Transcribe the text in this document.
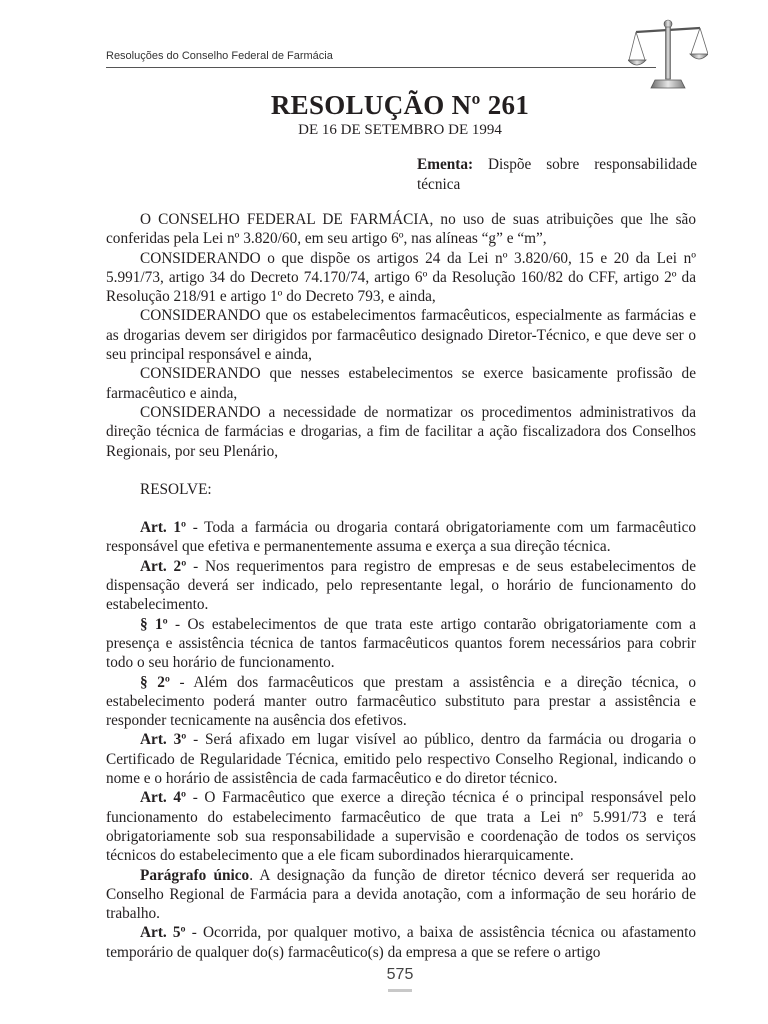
Resoluções do Conselho Federal de Farmácia
RESOLUÇÃO Nº 261
DE 16 DE SETEMBRO DE 1994
Ementa: Dispõe sobre responsabilidade técnica

O CONSELHO FEDERAL DE FARMÁCIA, no uso de suas atribuições que lhe são conferidas pela Lei nº 3.820/60, em seu artigo 6º, nas alíneas “g” e “m”,

CONSIDERANDO o que dispõe os artigos 24 da Lei nº 3.820/60, 15 e 20 da Lei nº 5.991/73, artigo 34 do Decreto 74.170/74, artigo 6º da Resolução 160/82 do CFF, artigo 2º da Resolução 218/91 e artigo 1º do Decreto 793, e ainda,

CONSIDERANDO que os estabelecimentos farmacêuticos, especialmente as farmácias e as drogarias devem ser dirigidos por farmacêutico designado Diretor-Técnico, e que deve ser o seu principal responsável e ainda,

CONSIDERANDO que nesses estabelecimentos se exerce basicamente profissão de farmacêutico e ainda,

CONSIDERANDO a necessidade de normatizar os procedimentos administrativos da direção técnica de farmácias e drogarias, a fim de facilitar a ação fiscalizadora dos Conselhos Regionais, por seu Plenário,

RESOLVE:

Art. 1º - Toda a farmácia ou drogaria contará obrigatoriamente com um farmacêutico responsável que efetiva e permanentemente assuma e exerça a sua direção técnica.

Art. 2º - Nos requerimentos para registro de empresas e de seus estabelecimentos de dispensação deverá ser indicado, pelo representante legal, o horário de funcionamento do estabelecimento.

§ 1º - Os estabelecimentos de que trata este artigo contarão obrigatoriamente com a presença e assistência técnica de tantos farmacêuticos quantos forem necessários para cobrir todo o seu horário de funcionamento.

§ 2º - Além dos farmacêuticos que prestam a assistência e a direção técnica, o estabelecimento poderá manter outro farmacêutico substituto para prestar a assistência e responder tecnicamente na ausência dos efetivos.

Art. 3º - Será afixado em lugar visível ao público, dentro da farmácia ou drogaria o Certificado de Regularidade Técnica, emitido pelo respectivo Conselho Regional, indicando o nome e o horário de assistência de cada farmacêutico e do diretor técnico.

Art. 4º - O Farmacêutico que exerce a direção técnica é o principal responsável pelo funcionamento do estabelecimento farmacêutico de que trata a Lei nº 5.991/73 e terá obrigatoriamente sob sua responsabilidade a supervisão e coordenação de todos os serviços técnicos do estabelecimento que a ele ficam subordinados hierarquicamente.

Parágrafo único. A designação da função de diretor técnico deverá ser requerida ao Conselho Regional de Farmácia para a devida anotação, com a informação de seu horário de trabalho.

Art. 5º - Ocorrida, por qualquer motivo, a baixa de assistência técnica ou afastamento temporário de qualquer do(s) farmacêutico(s) da empresa a que se refere o artigo

575
